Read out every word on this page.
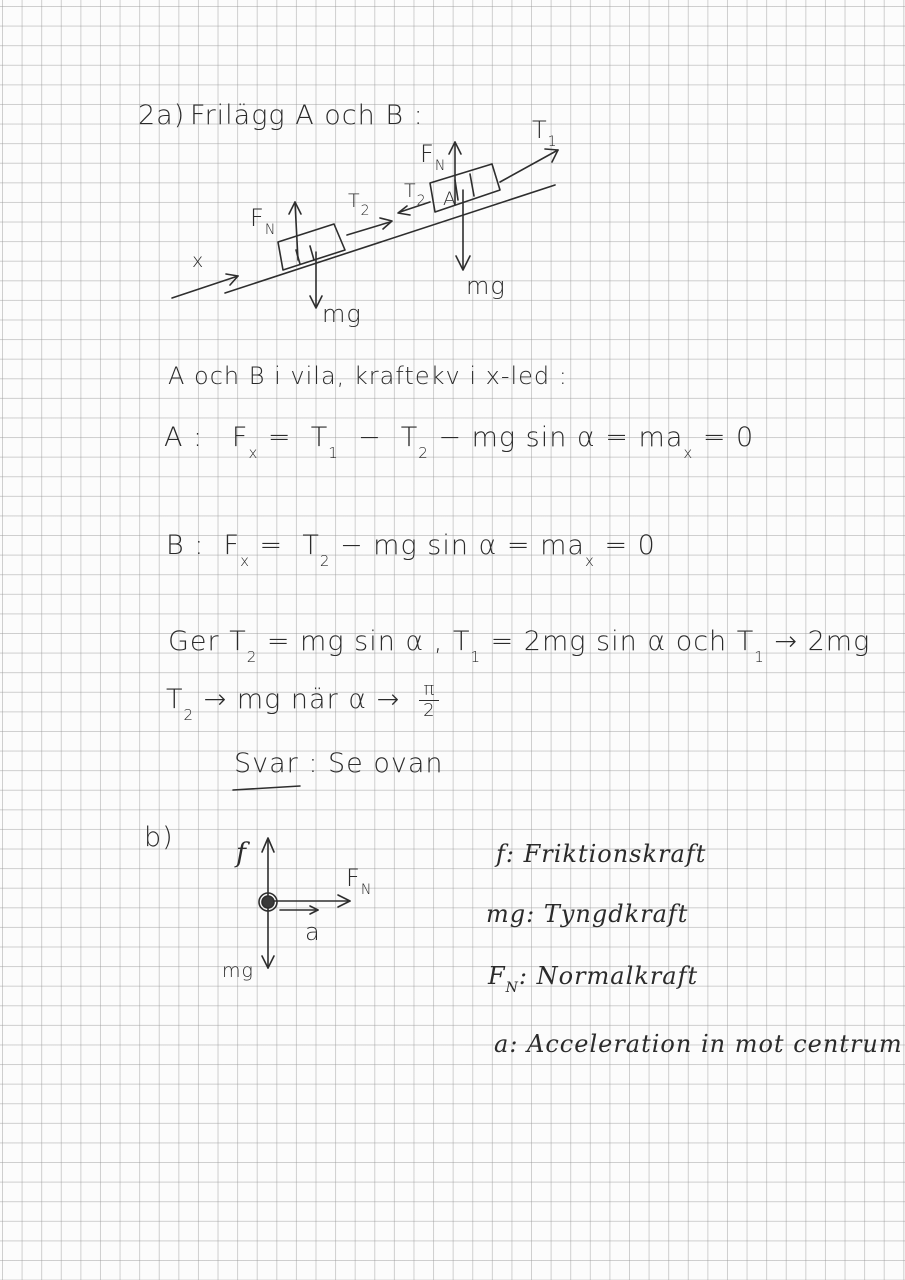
2a) Frilägg A och B :	$T_1$
$F_N$
$T_2$ A
mg
$F_N$
$T_2$
x
mg
A och B i vila, kraftekv i x-led :
A : $F_x = T_1 - T_2$ − mg $\sin \alpha = ma_x = 0$
B : $F_x = T_2$ − mg $\sin \alpha = ma_x = 0$
Ger $T_2$ = mg sin α , $T_1 = 2mg$ sin α och $T_1 \to 2mg$
$T_2$ → mg när $\alpha \to \frac{\pi}{2}$
Svar : Se ovan
b)
f
$F_N$
a
mg
f: Friktionskraft
mg: Tyngdkraft
$F_N$: Normalkraft
a: Acceleration in mot centrum
